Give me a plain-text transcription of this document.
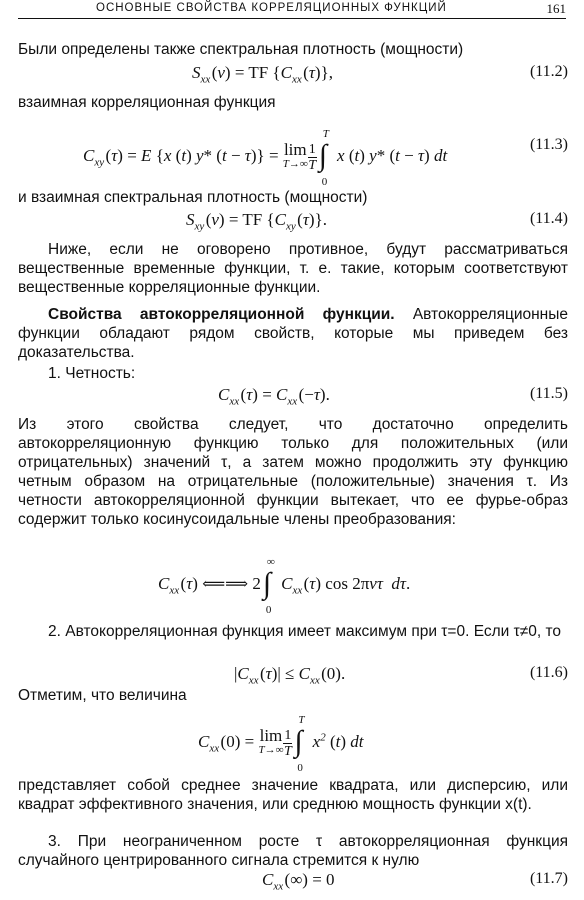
ОСНОВНЫЕ СВОЙСТВА КОРРЕЛЯЦИОННЫХ ФУНКЦИЙ	161

Были определены также спектральная плотность (мощности)

$S_{xx}$ (ν) = TF {$C_{xx}$ (τ)},	(11.2)

взаимная корреляционная функция

$C_{xy}$ (τ) = E {x (t) y* (t − τ)} = lim
$T\to\infty \frac{1}{T}$
T
∫
0
x (t) y* (t − τ) dt
(11.3)

и взаимная спектральная плотность (мощности)

$S_{xy}$ (ν) = TF {$C_{xy}$ (τ)}.	(11.4)

Ниже, если не оговорено противное, будут рассматриваться вещественные временные функции, т. е. такие, которым соответствуют вещественные корреляционные функции.

Свойства автокорреляционной функции. Автокорреляционные функции обладают рядом свойств, которые мы приведем без доказательства.

1. Четность:

$C_{xx}$ $(\tau) = C_{xx}$ (−τ).	(11.5)

Из этого свойства следует, что достаточно определить автокорреляционную функцию только для положительных (или отрицательных) значений τ, а затем можно продолжить эту функцию четным образом на отрицательные (положительные) значения τ. Из четности автокорреляционной функции вытекает, что ее фурье-образ содержит только косинусоидальные члены преобразования:

$C_{xx}$ (τ) ⟸⟹ 2
∞
∫
0
$C_{xx}$ (τ) cos 2πντ dτ.

2. Автокорреляционная функция имеет максимум при τ=0. Если τ≠0, то

$|C_{xx}$ $(\tau)| \le C_{xx}$ (0).	(11.6)

Отметим, что величина

$C_{xx}$ (0) = lim
$T\to\infty \frac{1}{T}$
T
∫
0
$x^2$ (t) dt

представляет собой среднее значение квадрата, или дисперсию, или квадрат эффективного значения, или среднюю мощность функции x(t).

3. При неограниченном росте τ автокорреляционная функция случайного центрированного сигнала стремится к нулю

$C_{xx}$ (∞) = 0	(11.7)
